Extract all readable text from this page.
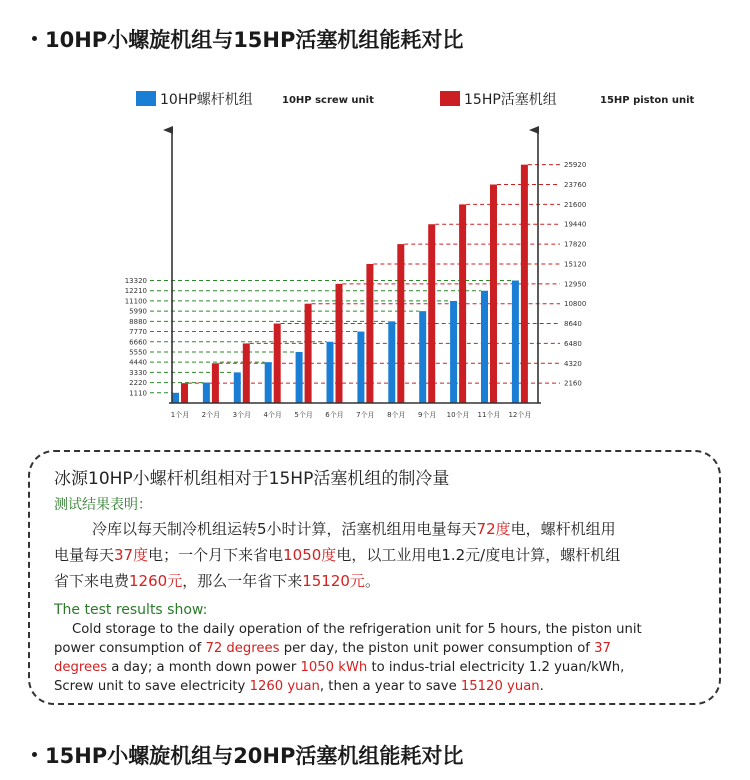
10HP小螺旋机组与15HP活塞机组能耗对比
10HP螺杆机组	10HP screw unit	15HP活塞机组	15HP piston unit
1110
2220
3330
4440
5550
6660
7770
8880
5990
11100
12210
13320
2160
4320
6480
8640
10800
12950
15120
17820
19440
21600
23760
25920
1个月 2个月 3个月 4个月 5个月 6个月 7个月 8个月 9个月 10个月 11个月 12个月
冰源10HP小螺杆机组相对于15HP活塞机组的制冷量
测试结果表明：
冷库以每天制冷机组运转5小时计算，活塞机组用电量每天72度电，螺杆机组用
电量每天37度电；一个月下来省电1050度电，以工业用电1.2元/度电计算，螺杆机组
省下来电费1260元，那么一年省下来15120元。
The test results show:
Cold storage to the daily operation of the refrigeration unit for 5 hours, the piston unit
power consumption of 72 degrees per day, the piston unit power consumption of 37
degrees a day; a month down power 1050 kWh to indus-trial electricity 1.2 yuan/kWh,
Screw unit to save electricity 1260 yuan, then a year to save 15120 yuan.
15HP小螺旋机组与20HP活塞机组能耗对比
